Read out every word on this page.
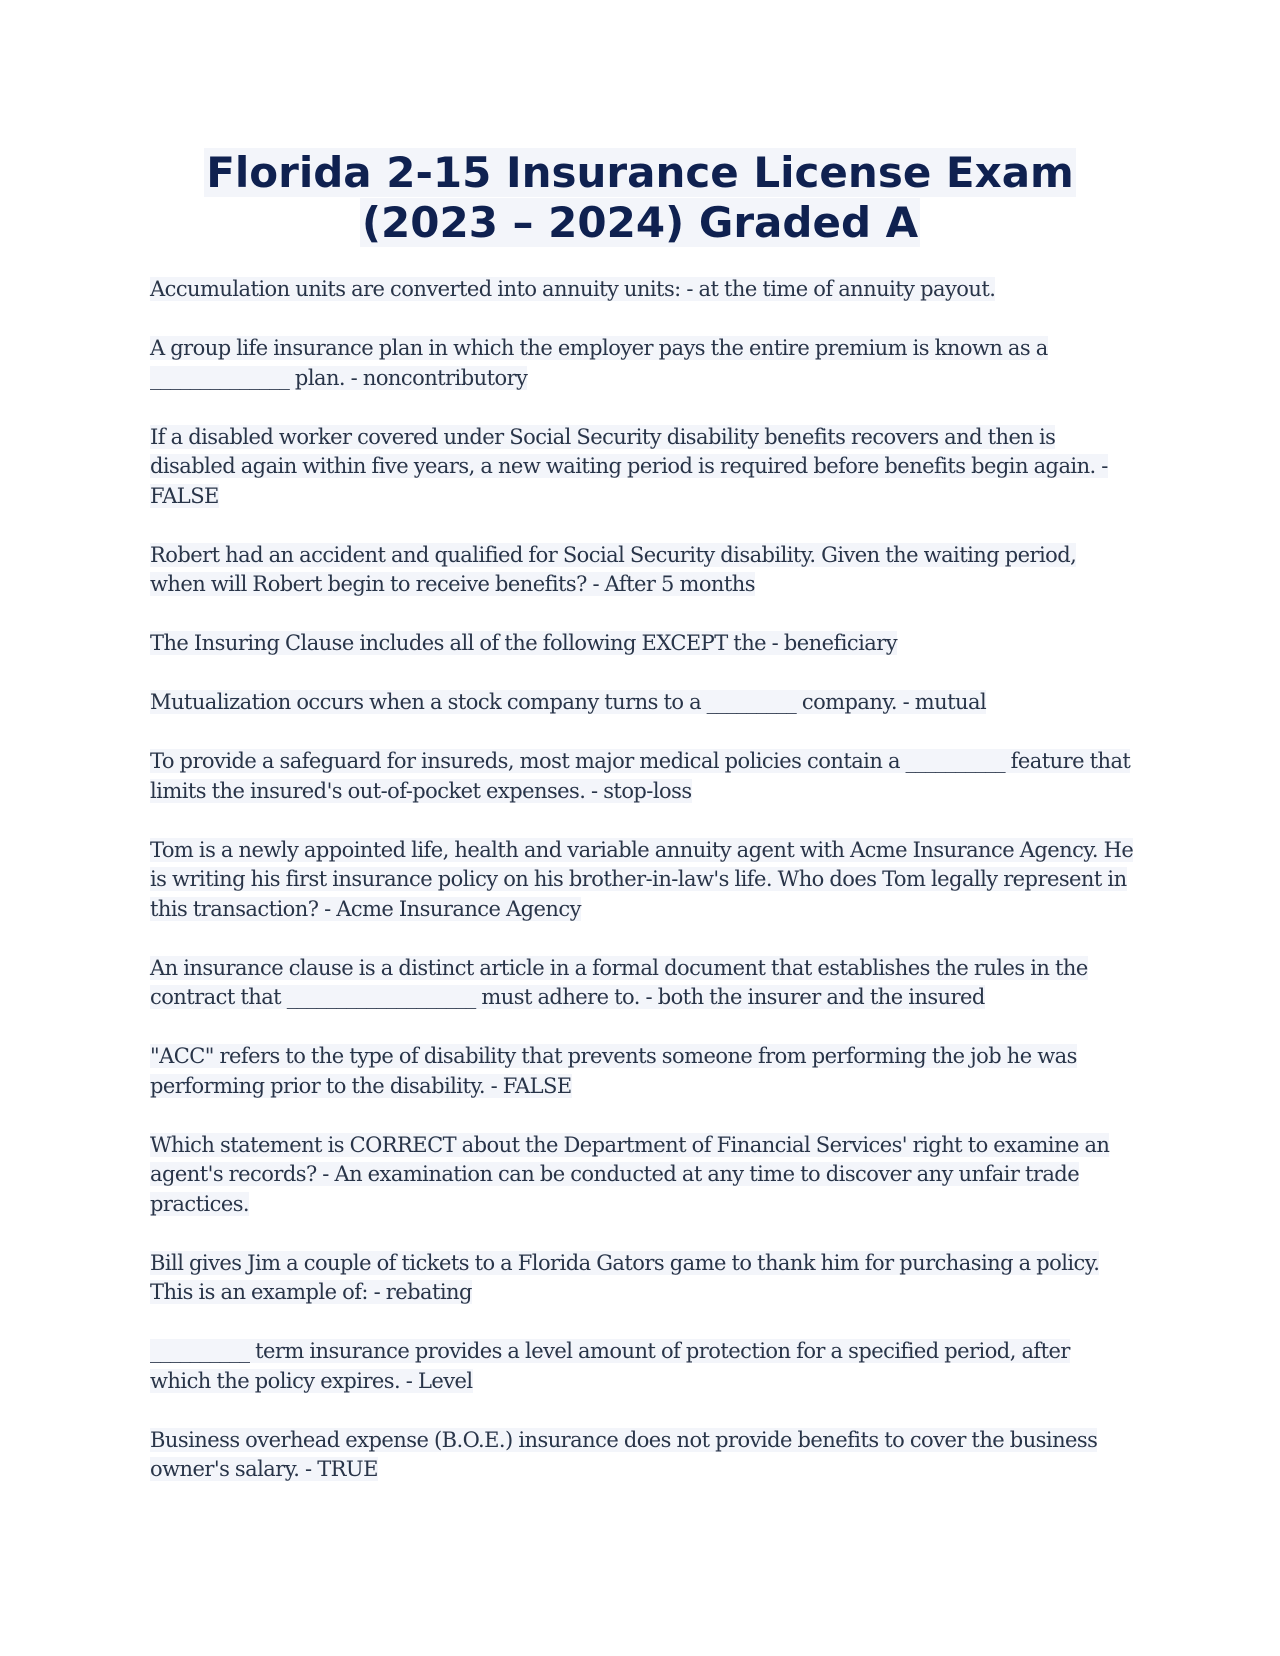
Florida 2-15 Insurance License Exam
(2023 – 2024) Graded A
Accumulation units are converted into annuity units: - at the time of annuity payout.
A group life insurance plan in which the employer pays the entire premium is known as a ______________ plan. - noncontributory
If a disabled worker covered under Social Security disability benefits recovers and then is disabled again within five years, a new waiting period is required before benefits begin again. - FALSE
Robert had an accident and qualified for Social Security disability. Given the waiting period, when will Robert begin to receive benefits? - After 5 months
The Insuring Clause includes all of the following EXCEPT the - beneficiary
Mutualization occurs when a stock company turns to a _________ company. - mutual
To provide a safeguard for insureds, most major medical policies contain a __________ feature that limits the insured's out-of-pocket expenses. - stop-loss
Tom is a newly appointed life, health and variable annuity agent with Acme Insurance Agency. He is writing his first insurance policy on his brother-in-law's life. Who does Tom legally represent in this transaction? - Acme Insurance Agency
An insurance clause is a distinct article in a formal document that establishes the rules in the contract that ___________________ must adhere to. - both the insurer and the insured
"ACC" refers to the type of disability that prevents someone from performing the job he was performing prior to the disability. - FALSE
Which statement is CORRECT about the Department of Financial Services' right to examine an agent's records? - An examination can be conducted at any time to discover any unfair trade practices.
Bill gives Jim a couple of tickets to a Florida Gators game to thank him for purchasing a policy. This is an example of: - rebating
__________ term insurance provides a level amount of protection for a specified period, after which the policy expires. - Level
Business overhead expense (B.O.E.) insurance does not provide benefits to cover the business owner's salary. - TRUE
